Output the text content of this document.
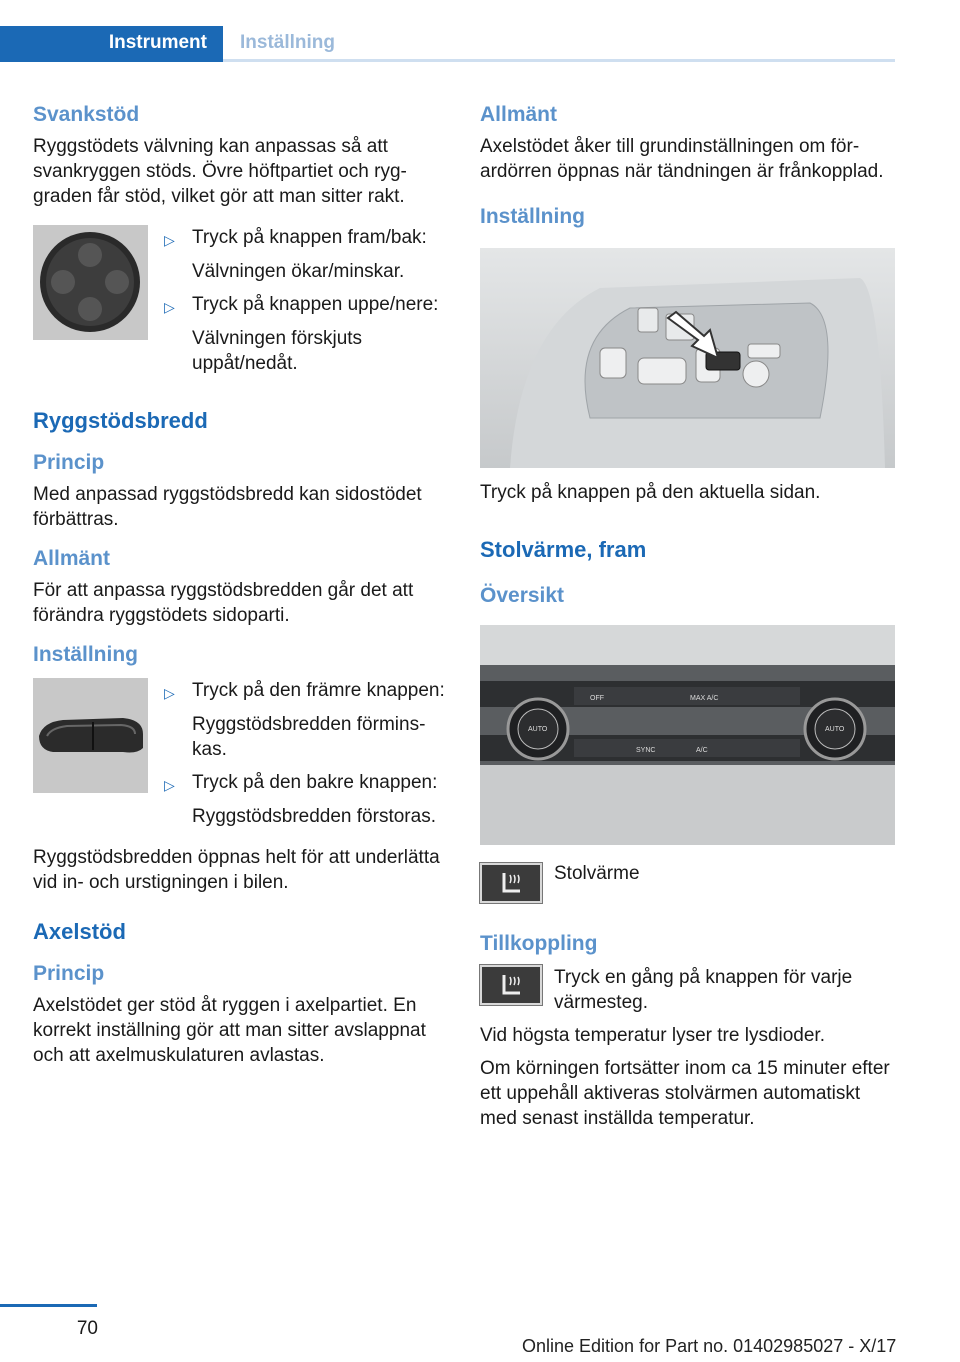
Instrument	Inställning
Svankstöd
Ryggstödets välvning kan anpassas så att svankryggen stöds. Övre höftpartiet och ryggraden får stöd, vilket gör att man sitter rakt.
▷ Tryck på knappen fram/bak:
Välvningen ökar/minskar.
▷ Tryck på knappen uppe/nere:
Välvningen förskjuts uppåt/nedåt.
Ryggstödsbredd
Princip
Med anpassad ryggstödsbredd kan sidostödet förbättras.
Allmänt
För att anpassa ryggstödsbredden går det att förändra ryggstödets sidoparti.
Inställning
▷ Tryck på den främre knappen:
Ryggstödsbredden förminskas.
▷ Tryck på den bakre knappen:
Ryggstödsbredden förstoras.
Ryggstödsbredden öppnas helt för att underlätta vid in- och urstigningen i bilen.
Axelstöd
Princip
Axelstödet ger stöd åt ryggen i axelpartiet. En korrekt inställning gör att man sitter avslappnat och att axelmuskulaturen avlastas.
Allmänt
Axelstödet åker till grundinställningen om förardörren öppnas när tändningen är frånkopplad.
Inställning
Tryck på knappen på den aktuella sidan.
Stolvärme, fram
Översikt
OFF
AUTO
MAX A/C
SYNC	A/C
AUTO
Stolvärme
Tillkoppling
Tryck en gång på knappen för varje värmesteg.
Vid högsta temperatur lyser tre lysdioder.
Om körningen fortsätter inom ca 15 minuter efter ett uppehåll aktiveras stolvärmen automatiskt med senast inställda temperatur.
70
Online Edition for Part no. 01402985027 - X/17
